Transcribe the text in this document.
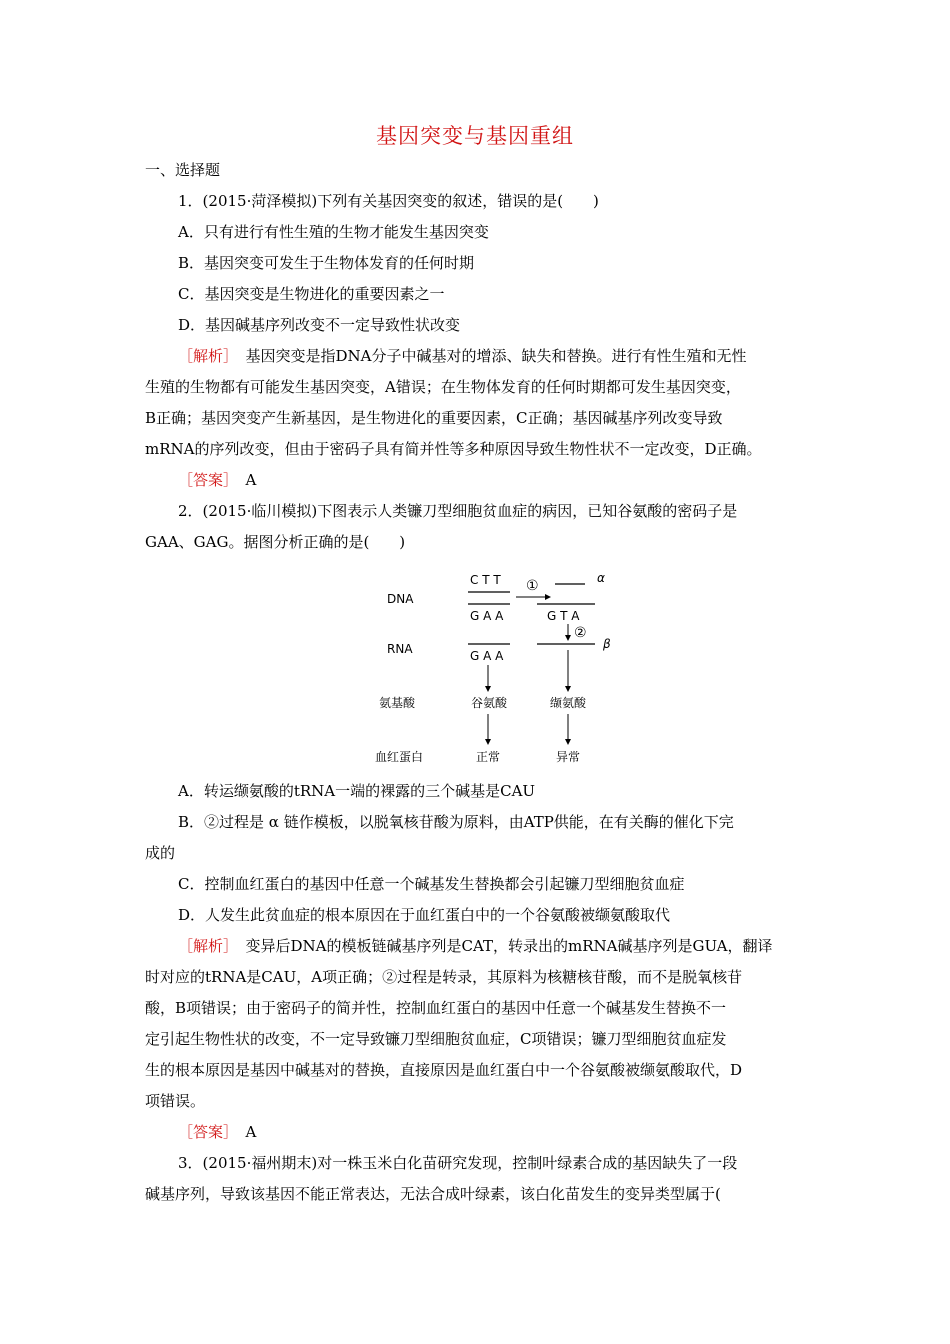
基因突变与基因重组
一、选择题
1．(2015·菏泽模拟)下列有关基因突变的叙述，错误的是(　　)
A．只有进行有性生殖的生物才能发生基因突变
B．基因突变可发生于生物体发育的任何时期
C．基因突变是生物进化的重要因素之一
D．基因碱基序列改变不一定导致性状改变
［解析］　基因突变是指DNA分子中碱基对的增添、缺失和替换。进行有性生殖和无性
生殖的生物都有可能发生基因突变，A错误；在生物体发育的任何时期都可发生基因突变，
B正确；基因突变产生新基因，是生物进化的重要因素，C正确；基因碱基序列改变导致
mRNA的序列改变，但由于密码子具有简并性等多种原因导致生物性状不一定改变，D正确。
［答案］　A
2．(2015·临川模拟)下图表示人类镰刀型细胞贫血症的病因，已知谷氨酸的密码子是
GAA、GAG。据图分析正确的是(　　)
DNA
RNA
氨基酸
血红蛋白
C T T
G A A
G A A
①	α
G T A
②
β
谷氨酸	缬氨酸
正常	异常
A．转运缬氨酸的tRNA一端的裸露的三个碱基是CAU
B．②过程是 α 链作模板，以脱氧核苷酸为原料，由ATP供能，在有关酶的催化下完
成的
C．控制血红蛋白的基因中任意一个碱基发生替换都会引起镰刀型细胞贫血症
D．人发生此贫血症的根本原因在于血红蛋白中的一个谷氨酸被缬氨酸取代
［解析］　变异后DNA的模板链碱基序列是CAT，转录出的mRNA碱基序列是GUA，翻译
时对应的tRNA是CAU，A项正确；②过程是转录，其原料为核糖核苷酸，而不是脱氧核苷
酸，B项错误；由于密码子的简并性，控制血红蛋白的基因中任意一个碱基发生替换不一
定引起生物性状的改变，不一定导致镰刀型细胞贫血症，C项错误；镰刀型细胞贫血症发
生的根本原因是基因中碱基对的替换，直接原因是血红蛋白中一个谷氨酸被缬氨酸取代，D
项错误。
［答案］　A
3．(2015·福州期末)对一株玉米白化苗研究发现，控制叶绿素合成的基因缺失了一段
碱基序列，导致该基因不能正常表达，无法合成叶绿素，该白化苗发生的变异类型属于(
